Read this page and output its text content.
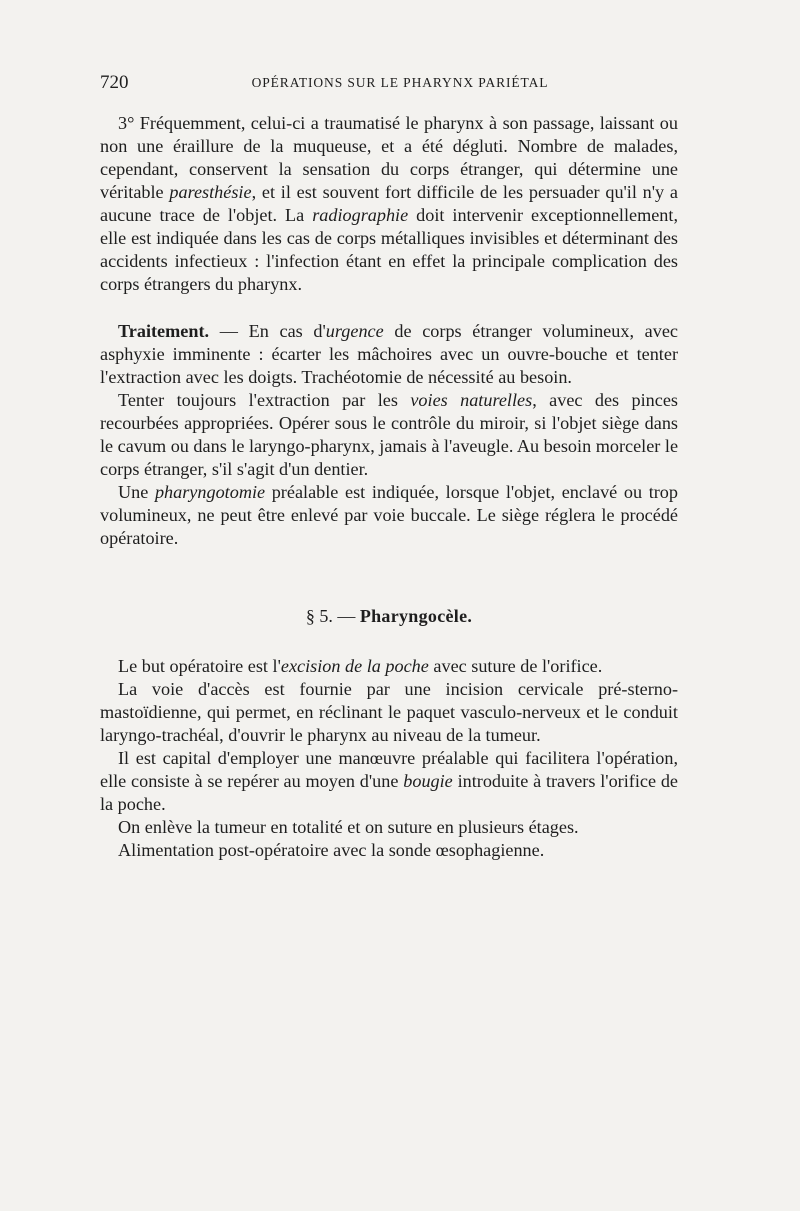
720	OPÉRATIONS SUR LE PHARYNX PARIÉTAL

3° Fréquemment, celui-ci a traumatisé le pharynx à son passage, laissant ou non une éraillure de la muqueuse, et a été dégluti. Nombre de malades, cependant, conservent la sensation du corps étranger, qui détermine une véritable paresthésie, et il est souvent fort difficile de les persuader qu'il n'y a aucune trace de l'objet. La radiographie doit intervenir exceptionnellement, elle est indiquée dans les cas de corps métalliques invisibles et déterminant des accidents infectieux : l'infection étant en effet la principale complication des corps étrangers du pharynx.

Traitement. — En cas d'urgence de corps étranger volumineux, avec asphyxie imminente : écarter les mâchoires avec un ouvre-bouche et tenter l'extraction avec les doigts. Trachéotomie de nécessité au besoin.

Tenter toujours l'extraction par les voies naturelles, avec des pinces recourbées appropriées. Opérer sous le contrôle du miroir, si l'objet siège dans le cavum ou dans le laryngo-pharynx, jamais à l'aveugle. Au besoin morceler le corps étranger, s'il s'agit d'un dentier.

Une pharyngotomie préalable est indiquée, lorsque l'objet, enclavé ou trop volumineux, ne peut être enlevé par voie buccale. Le siège réglera le procédé opératoire.

§ 5. — Pharyngocèle.

Le but opératoire est l'excision de la poche avec suture de l'orifice.

La voie d'accès est fournie par une incision cervicale pré-sterno-mastoïdienne, qui permet, en réclinant le paquet vasculo-nerveux et le conduit laryngo-trachéal, d'ouvrir le pharynx au niveau de la tumeur.

Il est capital d'employer une manœuvre préalable qui facilitera l'opération, elle consiste à se repérer au moyen d'une bougie introduite à travers l'orifice de la poche.

On enlève la tumeur en totalité et on suture en plusieurs étages.

Alimentation post-opératoire avec la sonde œsophagienne.
